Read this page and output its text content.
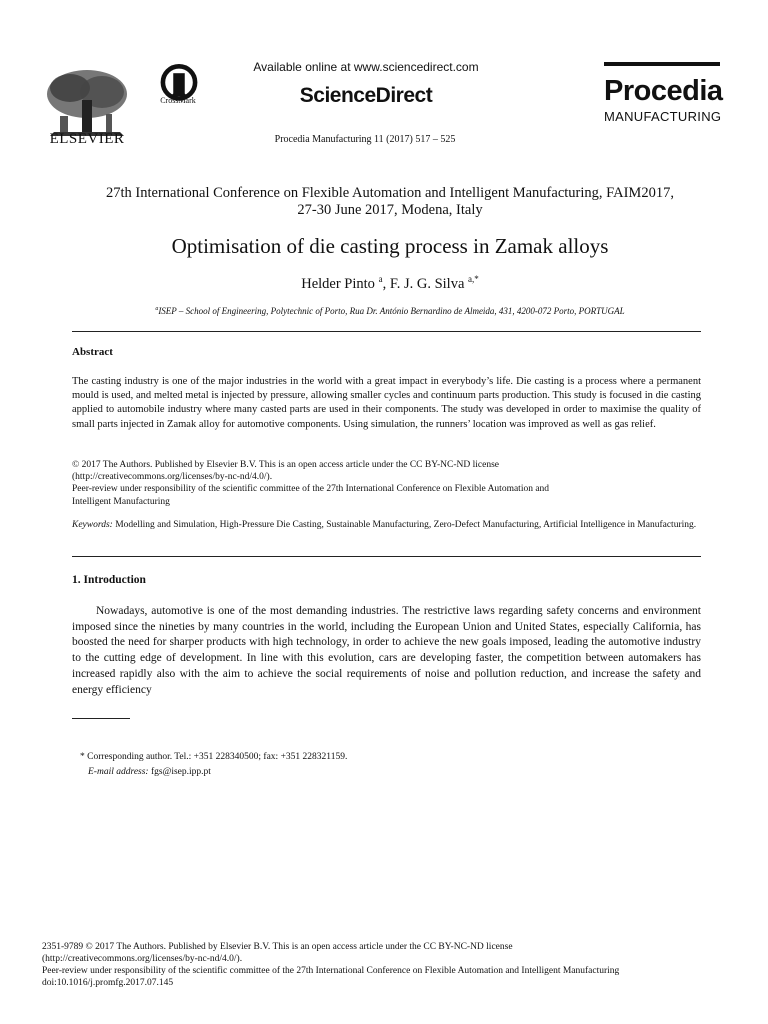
ELSEVIER
CrossMark
Available online at www.sciencedirect.com
ScienceDirect
Procedia Manufacturing 11 (2017) 517 – 525
Procedia
MANUFACTURING
27th International Conference on Flexible Automation and Intelligent Manufacturing, FAIM2017,
27-30 June 2017, Modena, Italy
Optimisation of die casting process in Zamak alloys
Helder Pinto $^a$, F. J. G. Silva $^{a,*}$
$^a$ISEP – School of Engineering, Polytechnic of Porto, Rua Dr. António Bernardino de Almeida, 431, 4200-072 Porto, PORTUGAL
Abstract
The casting industry is one of the major industries in the world with a great impact in everybody’s life. Die casting is a process where a permanent mould is used, and melted metal is injected by pressure, allowing smaller cycles and continuum parts production. This study is focused in die casting applied to automobile industry where many casted parts are used in their components. The study was developed in order to maximise the quality of small parts injected in Zamak alloy for automotive components. Using simulation, the runners’ location was improved as well as gas relief.
© 2017 The Authors. Published by Elsevier B.V. This is an open access article under the CC BY-NC-ND license
(http://creativecommons.org/licenses/by-nc-nd/4.0/).
Peer-review under responsibility of the scientific committee of the 27th International Conference on Flexible Automation and
Intelligent Manufacturing
Keywords: Modelling and Simulation, High-Pressure Die Casting, Sustainable Manufacturing, Zero-Defect Manufacturing, Artificial Intelligence in Manufacturing.
1. Introduction

Nowadays, automotive is one of the most demanding industries. The restrictive laws regarding safety concerns and environment imposed since the nineties by many countries in the world, including the European Union and United States, especially California, has boosted the need for sharper products with high technology, in order to achieve the new goals imposed, leading the automotive industry to the cutting edge of development. In line with this evolution, cars are developing faster, the competition between automakers has increased rapidly also with the aim to achieve the social requirements of noise and pollution reduction, and increase the safety and energy efficiency

* Corresponding author. Tel.: +351 228340500; fax: +351 228321159.
E-mail address: fgs@isep.ipp.pt
2351-9789 © 2017 The Authors. Published by Elsevier B.V. This is an open access article under the CC BY-NC-ND license
(http://creativecommons.org/licenses/by-nc-nd/4.0/).
Peer-review under responsibility of the scientific committee of the 27th International Conference on Flexible Automation and Intelligent Manufacturing
doi:10.1016/j.promfg.2017.07.145
